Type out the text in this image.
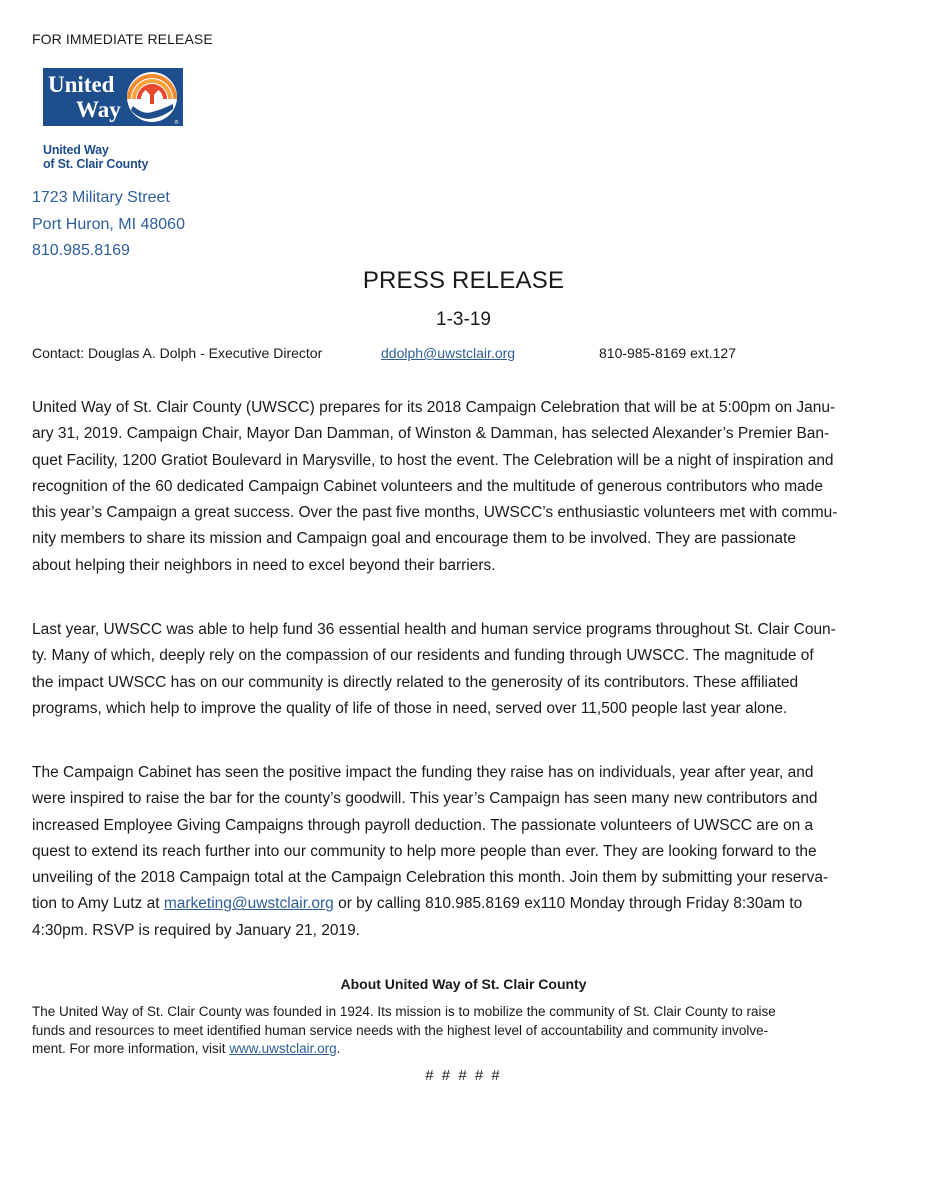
FOR IMMEDIATE RELEASE
United
Way
®
United Way
of St. Clair County
1723 Military Street
Port Huron, MI 48060
810.985.8169
PRESS RELEASE
1-3-19
Contact: Douglas A. Dolph - Executive Director	ddolph@uwstclair.org	810-985-8169 ext.127
United Way of St. Clair County (UWSCC) prepares for its 2018 Campaign Celebration that will be at 5:00pm on Janu-
ary 31, 2019. Campaign Chair, Mayor Dan Damman, of Winston & Damman, has selected Alexander’s Premier Ban-
quet Facility, 1200 Gratiot Boulevard in Marysville, to host the event. The Celebration will be a night of inspiration and
recognition of the 60 dedicated Campaign Cabinet volunteers and the multitude of generous contributors who made
this year’s Campaign a great success. Over the past five months, UWSCC’s enthusiastic volunteers met with commu-
nity members to share its mission and Campaign goal and encourage them to be involved. They are passionate
about helping their neighbors in need to excel beyond their barriers.
Last year, UWSCC was able to help fund 36 essential health and human service programs throughout St. Clair Coun-
ty. Many of which, deeply rely on the compassion of our residents and funding through UWSCC. The magnitude of
the impact UWSCC has on our community is directly related to the generosity of its contributors. These affiliated
programs, which help to improve the quality of life of those in need, served over 11,500 people last year alone.
The Campaign Cabinet has seen the positive impact the funding they raise has on individuals, year after year, and
were inspired to raise the bar for the county’s goodwill. This year’s Campaign has seen many new contributors and
increased Employee Giving Campaigns through payroll deduction. The passionate volunteers of UWSCC are on a
quest to extend its reach further into our community to help more people than ever. They are looking forward to the
unveiling of the 2018 Campaign total at the Campaign Celebration this month. Join them by submitting your reserva-
tion to Amy Lutz at marketing@uwstclair.org or by calling 810.985.8169 ex110 Monday through Friday 8:30am to
4:30pm. RSVP is required by January 21, 2019.
About United Way of St. Clair County
The United Way of St. Clair County was founded in 1924. Its mission is to mobilize the community of St. Clair County to raise
funds and resources to meet identified human service needs with the highest level of accountability and community involve-
ment. For more information, visit www.uwstclair.org.
# # # # #
